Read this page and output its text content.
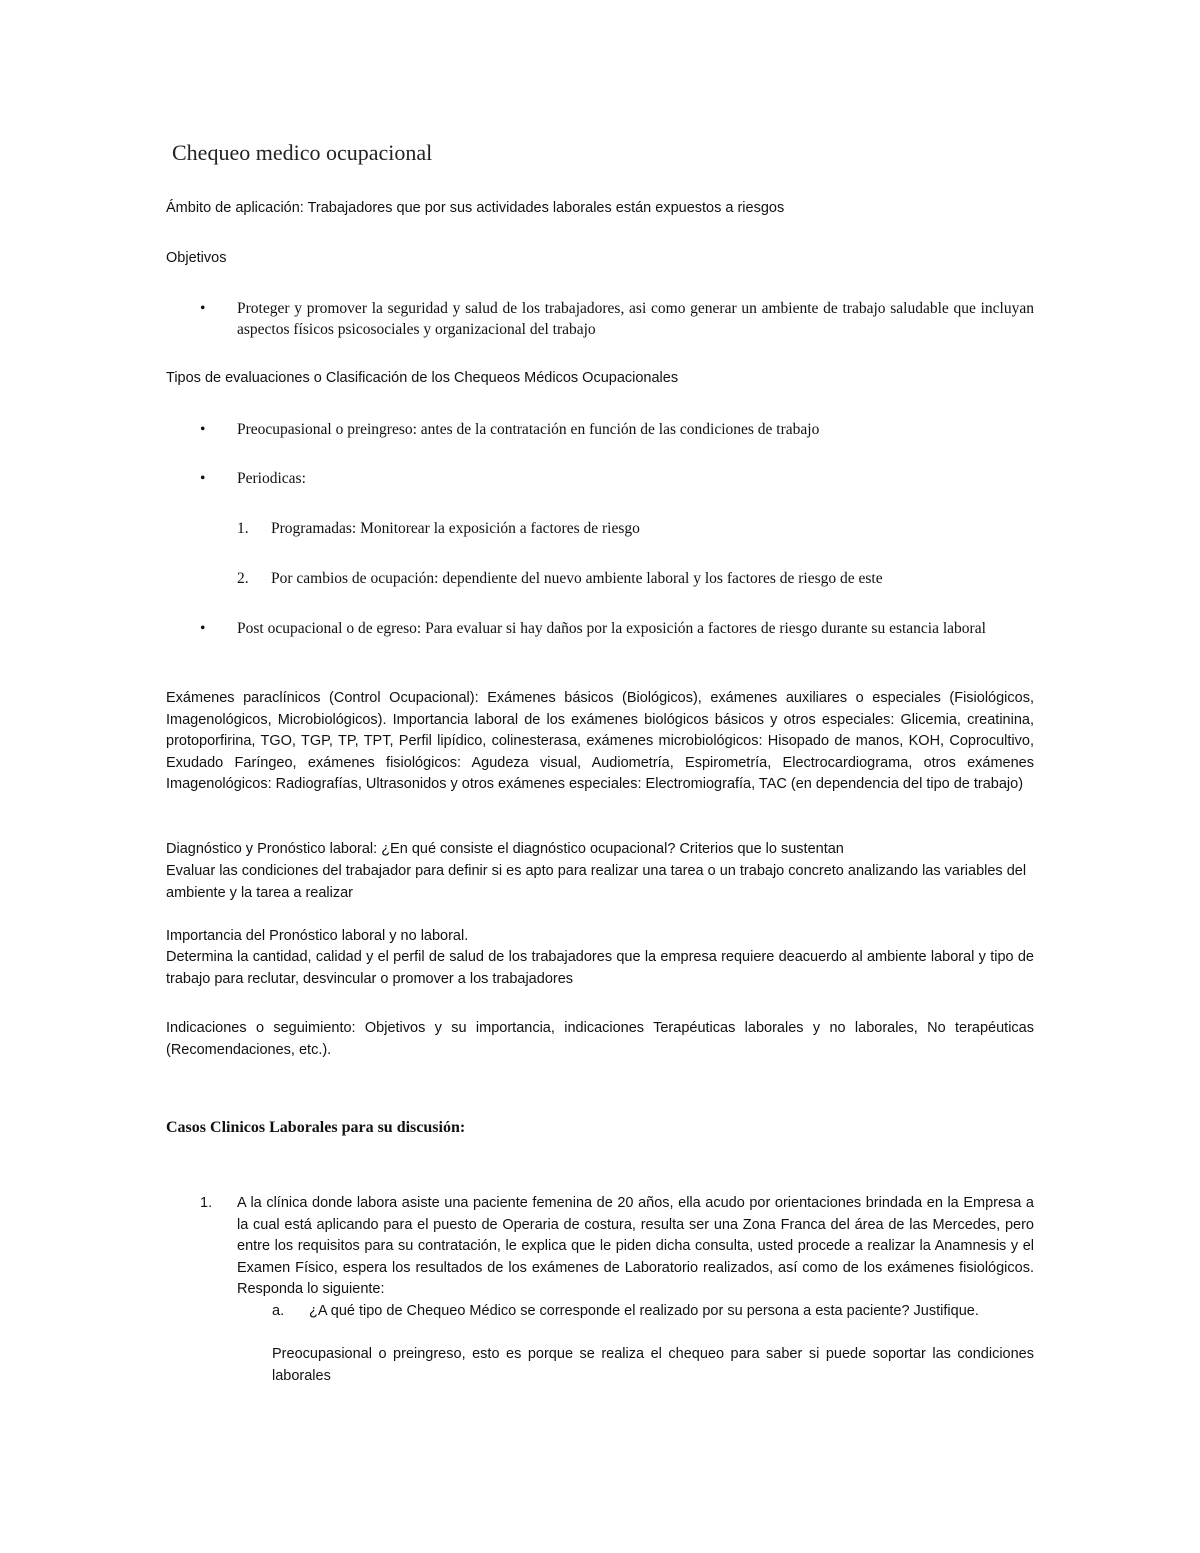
Chequeo medico ocupacional

Ámbito de aplicación: Trabajadores que por sus actividades laborales están expuestos a riesgos

Objetivos

•	Proteger y promover la seguridad y salud de los trabajadores, asi como generar un ambiente de trabajo saludable que incluyan aspectos físicos psicosociales y organizacional del trabajo

Tipos de evaluaciones o Clasificación de los Chequeos Médicos Ocupacionales

•	Preocupasional o preingreso: antes de la contratación en función de las condiciones de trabajo
•	Periodicas:
1. Programadas: Monitorear la exposición a factores de riesgo
2. Por cambios de ocupación: dependiente del nuevo ambiente laboral y los factores de riesgo de este
•	Post ocupacional o de egreso: Para evaluar si hay daños por la exposición a factores de riesgo durante su estancia laboral

Exámenes paraclínicos (Control Ocupacional): Exámenes básicos (Biológicos), exámenes auxiliares o especiales (Fisiológicos, Imagenológicos, Microbiológicos). Importancia laboral de los exámenes biológicos básicos y otros especiales: Glicemia, creatinina, protoporfirina, TGO, TGP, TP, TPT, Perfil lipídico, colinesterasa, exámenes microbiológicos: Hisopado de manos, KOH, Coprocultivo, Exudado Faríngeo, exámenes fisiológicos: Agudeza visual, Audiometría, Espirometría, Electrocardiograma, otros exámenes Imagenológicos: Radiografías, Ultrasonidos y otros exámenes especiales: Electromiografía, TAC (en dependencia del tipo de trabajo)

Diagnóstico y Pronóstico laboral: ¿En qué consiste el diagnóstico ocupacional? Criterios que lo sustentan

Evaluar las condiciones del trabajador para definir si es apto para realizar una tarea o un trabajo concreto analizando las variables del ambiente y la tarea a realizar

Importancia del Pronóstico laboral y no laboral.

Determina la cantidad, calidad y el perfil de salud de los trabajadores que la empresa requiere deacuerdo al ambiente laboral y tipo de trabajo para reclutar, desvincular o promover a los trabajadores

Indicaciones o seguimiento: Objetivos y su importancia, indicaciones Terapéuticas laborales y no laborales, No terapéuticas (Recomendaciones, etc.).

Casos Clinicos Laborales para su discusión:
1. A la clínica donde labora asiste una paciente femenina de 20 años, ella acudo por orientaciones brindada en la Empresa a la cual está aplicando para el puesto de Operaria de costura, resulta ser una Zona Franca del área de las Mercedes, pero entre los requisitos para su contratación, le explica que le piden dicha consulta, usted procede a realizar la Anamnesis y el Examen Físico, espera los resultados de los exámenes de Laboratorio realizados, así como de los exámenes fisiológicos. Responda lo siguiente:
a. ¿A qué tipo de Chequeo Médico se corresponde el realizado por su persona a esta paciente? Justifique.
Preocupasional o preingreso, esto es porque se realiza el chequeo para saber si puede soportar las condiciones laborales
